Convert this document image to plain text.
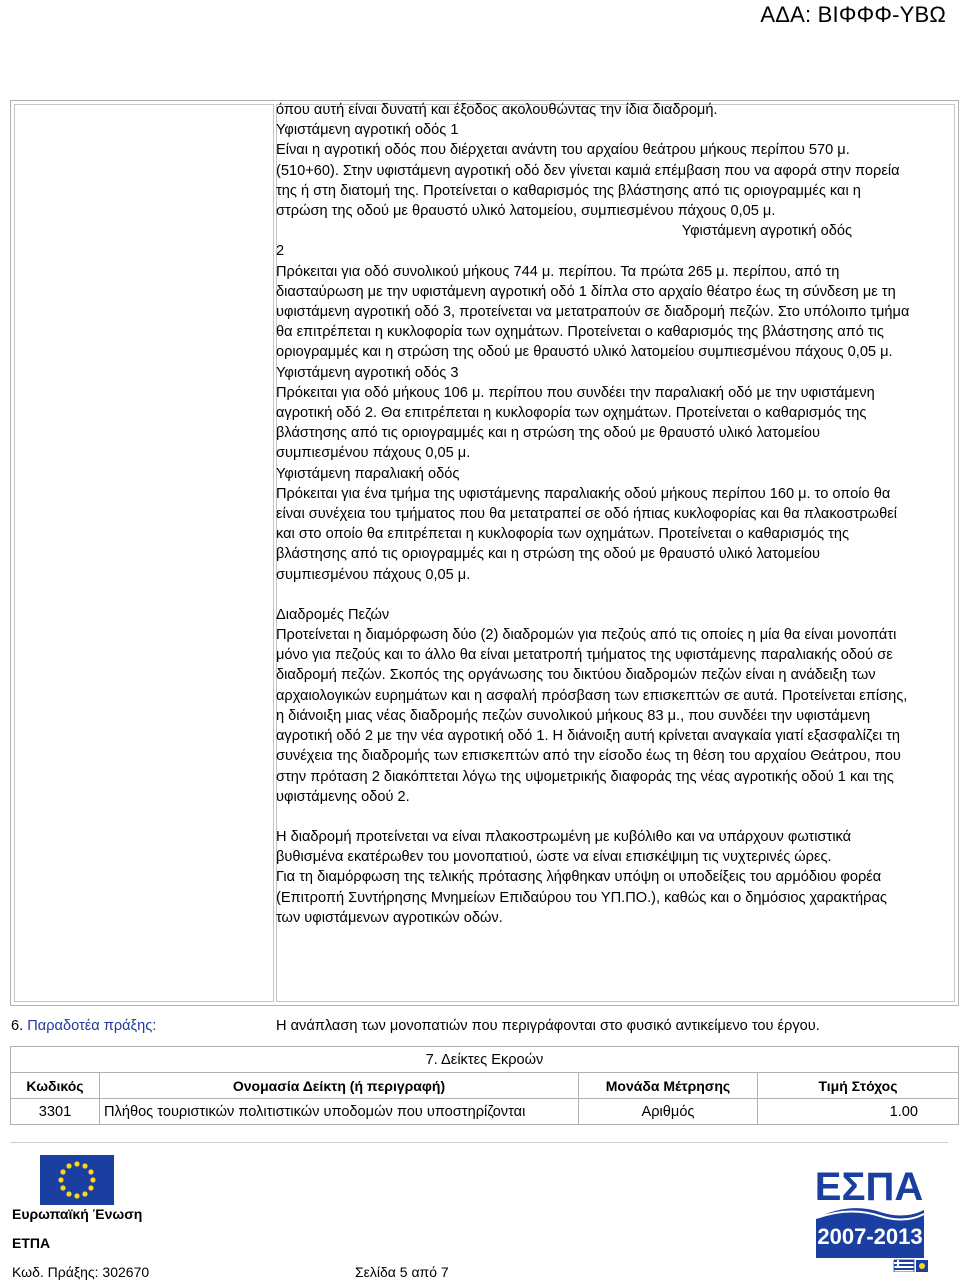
ΑΔΑ: ΒΙΦΦΦ-ΥΒΩ

όπου αυτή είναι δυνατή και έξοδος ακολουθώντας την ίδια διαδρομή.

Υφιστάμενη αγροτική οδός 1

Είναι η αγροτική οδός που διέρχεται ανάντη του αρχαίου θεάτρου μήκους περίπου 570 μ. (510+60). Στην υφιστάμενη αγροτική οδό δεν γίνεται καμιά επέμβαση που να αφορά στην πορεία της ή στη διατομή της. Προτείνεται ο καθαρισμός της βλάστησης από τις οριογραμμές και η στρώση της οδού με θραυστό υλικό λατομείου, συμπιεσμένου πάχους 0,05 μ.

Υφιστάμενη αγροτική οδός

2

Πρόκειται για οδό συνολικού μήκους 744 μ. περίπου. Τα πρώτα 265 μ. περίπου, από τη διασταύρωση με την υφιστάμενη αγροτική οδό 1 δίπλα στο αρχαίο θέατρο έως τη σύνδεση με τη υφιστάμενη αγροτική οδό 3, προτείνεται να μετατραπούν σε διαδρομή πεζών. Στο υπόλοιπο τμήμα θα επιτρέπεται η κυκλοφορία των οχημάτων. Προτείνεται ο καθαρισμός της βλάστησης από τις οριογραμμές και η στρώση της οδού με θραυστό υλικό λατομείου συμπιεσμένου πάχους 0,05 μ.

Υφιστάμενη αγροτική οδός 3

Πρόκειται για οδό μήκους 106 μ. περίπου που συνδέει την παραλιακή οδό με την υφιστάμενη αγροτική οδό 2. Θα επιτρέπεται η κυκλοφορία των οχημάτων. Προτείνεται ο καθαρισμός της βλάστησης από τις οριογραμμές και η στρώση της οδού με θραυστό υλικό λατομείου συμπιεσμένου πάχους 0,05 μ.

Υφιστάμενη παραλιακή οδός

Πρόκειται για ένα τμήμα της υφιστάμενης παραλιακής οδού μήκους περίπου 160 μ. το οποίο θα είναι συνέχεια του τμήματος που θα μετατραπεί σε οδό ήπιας κυκλοφορίας και θα πλακοστρωθεί και στο οποίο θα επιτρέπεται η κυκλοφορία των οχημάτων. Προτείνεται ο καθαρισμός της βλάστησης από τις οριογραμμές και η στρώση της οδού με θραυστό υλικό λατομείου συμπιεσμένου πάχους 0,05 μ.

Διαδρομές Πεζών

Προτείνεται η διαμόρφωση δύο (2) διαδρομών για πεζούς από τις οποίες η μία θα είναι μονοπάτι μόνο για πεζούς και το άλλο θα είναι μετατροπή τμήματος της υφιστάμενης παραλιακής οδού σε διαδρομή πεζών. Σκοπός της οργάνωσης του δικτύου διαδρομών πεζών είναι η ανάδειξη των αρχαιολογικών ευρημάτων και η ασφαλή πρόσβαση των επισκεπτών σε αυτά. Προτείνεται επίσης, η διάνοιξη μιας νέας διαδρομής πεζών συνολικού μήκους 83 μ., που συνδέει την υφιστάμενη αγροτική οδό 2 με την νέα αγροτική οδό 1. Η διάνοιξη αυτή κρίνεται αναγκαία γιατί εξασφαλίζει τη συνέχεια της διαδρομής των επισκεπτών από την είσοδο έως τη θέση του αρχαίου Θεάτρου, που στην πρόταση 2 διακόπτεται λόγω της υψομετρικής διαφοράς της νέας αγροτικής οδού 1 και της υφιστάμενης οδού 2.

Η διαδρομή προτείνεται να είναι πλακοστρωμένη με κυβόλιθο και να υπάρχουν φωτιστικά βυθισμένα εκατέρωθεν του μονοπατιού, ώστε να είναι επισκέψιμη τις νυχτερινές ώρες.

Για τη διαμόρφωση της τελικής πρότασης λήφθηκαν υπόψη οι υποδείξεις του αρμόδιου φορέα (Επιτροπή Συντήρησης Μνημείων Επιδαύρου του ΥΠ.ΠΟ.), καθώς και ο δημόσιος χαρακτήρας των υφιστάμενων αγροτικών οδών.

6. Παραδοτέα πράξης:	Η ανάπλαση των μονοπατιών που περιγράφονται στο φυσικό αντικείμενο του έργου.
7. Δείκτες Εκροών			
Κωδικός	Ονομασία Δείκτη (ή περιγραφή)	Μονάδα Μέτρησης	Τιμή Στόχος
3301	Πλήθος τουριστικών πολιτιστικών υποδομών που υποστηρίζονται	Αριθμός	1.00
Ευρωπαϊκή Ένωση
ΕΤΠΑ
Κωδ. Πράξης: 302670	Σελίδα 5 από 7
ΕΣΠΑ
2007-2013
